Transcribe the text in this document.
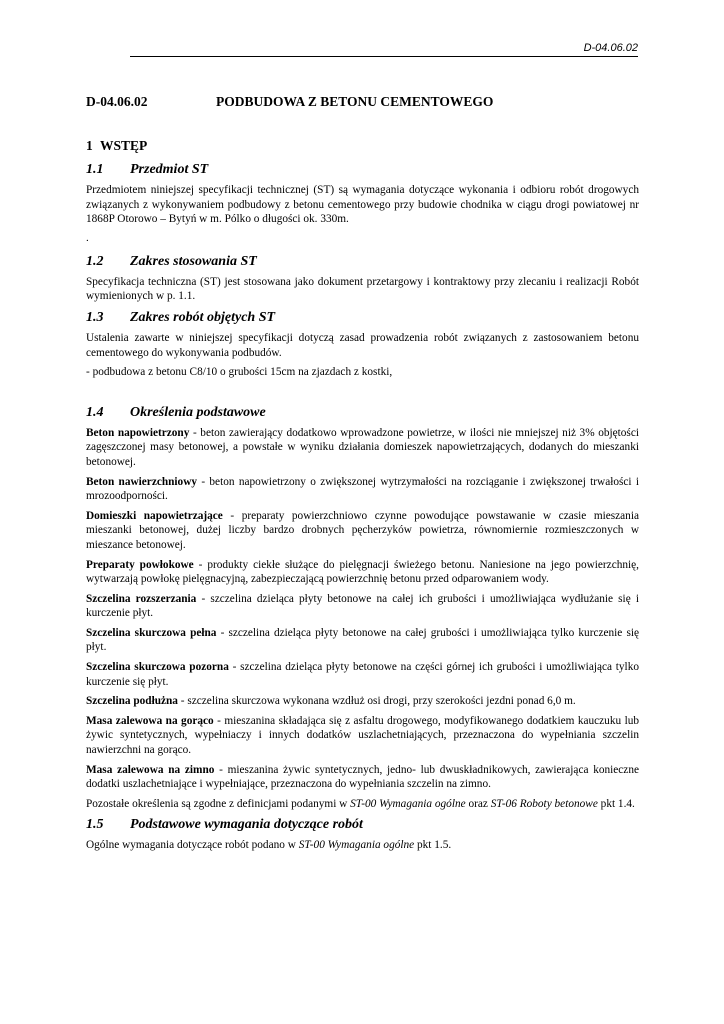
D-04.06.02
D-04.06.02	PODBUDOWA Z BETONU CEMENTOWEGO
1 WSTĘP
1.1 Przedmiot ST

Przedmiotem niniejszej specyfikacji technicznej (ST) są wymagania dotyczące wykonania i odbioru robót drogowych związanych z wykonywaniem podbudowy z betonu cementowego przy budowie chodnika w ciągu drogi powiatowej nr 1868P Otorowo – Bytyń w m. Pólko o długości ok. 330m.

.
1.2 Zakres stosowania ST

Specyfikacja techniczna (ST) jest stosowana jako dokument przetargowy i kontraktowy przy zlecaniu i realizacji Robót wymienionych w p. 1.1.

1.3 Zakres robót objętych ST

Ustalenia zawarte w niniejszej specyfikacji dotyczą zasad prowadzenia robót związanych z zastosowaniem betonu cementowego do wykonywania podbudów.

- podbudowa z betonu C8/10 o grubości 15cm na zjazdach z kostki,

1.4 Określenia podstawowe

Beton napowietrzony - beton zawierający dodatkowo wprowadzone powietrze, w ilości nie mniejszej niż 3% objętości zagęszczonej masy betonowej, a powstałe w wyniku działania domieszek napowietrzających, dodanych do mieszanki betonowej.

Beton nawierzchniowy - beton napowietrzony o zwiększonej wytrzymałości na rozciąganie i zwiększonej trwałości i mrozoodporności.

Domieszki napowietrzające - preparaty powierzchniowo czynne powodujące powstawanie w czasie mieszania mieszanki betonowej, dużej liczby bardzo drobnych pęcherzyków powietrza, równomiernie rozmieszczonych w mieszance betonowej.

Preparaty powłokowe - produkty ciekłe służące do pielęgnacji świeżego betonu. Naniesione na jego powierzchnię, wytwarzają powłokę pielęgnacyjną, zabezpieczającą powierzchnię betonu przed odparowaniem wody.

Szczelina rozszerzania - szczelina dzieląca płyty betonowe na całej ich grubości i umożliwiająca wydłużanie się i kurczenie płyt.

Szczelina skurczowa pełna - szczelina dzieląca płyty betonowe na całej grubości i umożliwiająca tylko kurczenie się płyt.

Szczelina skurczowa pozorna - szczelina dzieląca płyty betonowe na części górnej ich grubości i umożliwiająca tylko kurczenie się płyt.

Szczelina podłużna - szczelina skurczowa wykonana wzdłuż osi drogi, przy szerokości jezdni ponad 6,0 m.

Masa zalewowa na gorąco - mieszanina składająca się z asfaltu drogowego, modyfikowanego dodatkiem kauczuku lub żywic syntetycznych, wypełniaczy i innych dodatków uszlachetniających, przeznaczona do wypełniania szczelin nawierzchni na gorąco.

Masa zalewowa na zimno - mieszanina żywic syntetycznych, jedno- lub dwuskładnikowych, zawierająca konieczne dodatki uszlachetniające i wypełniające, przeznaczona do wypełniania szczelin na zimno.

Pozostałe określenia są zgodne z definicjami podanymi w ST-00 Wymagania ogólne oraz ST-06 Roboty betonowe pkt 1.4.

1.5 Podstawowe wymagania dotyczące robót

Ogólne wymagania dotyczące robót podano w ST-00 Wymagania ogólne pkt 1.5.
